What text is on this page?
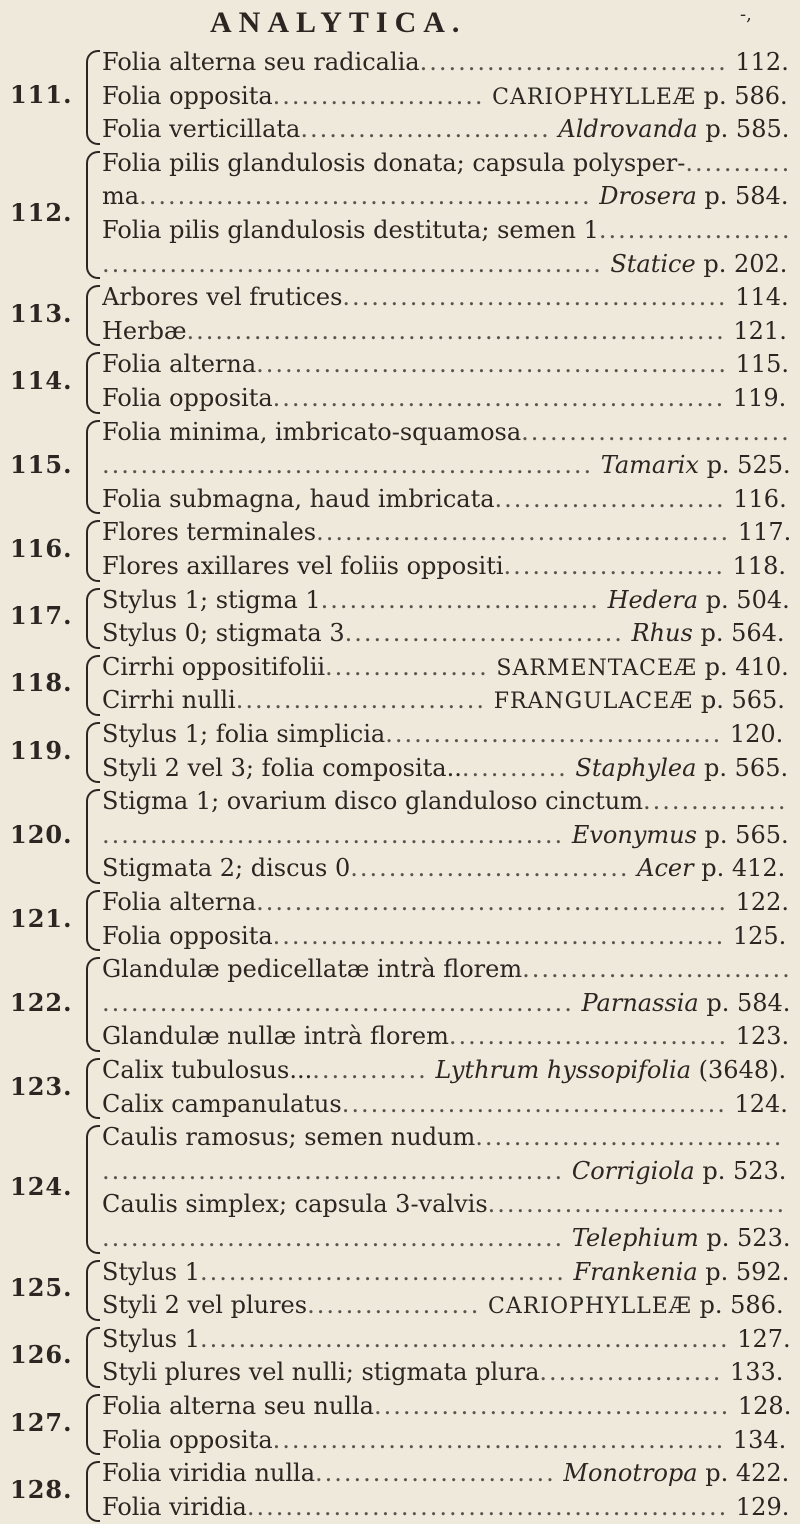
ANALYTICA.	-,
111.
Folia alterna seu radicalia................................ 112.
Folia opposita...................... CARIOPHYLLEÆ p. 586.
Folia verticillata.......................... Aldrovanda p. 585.
112.
Folia pilis glandulosis donata; capsula polysper-...........
ma............................................... Drosera p. 584.
Folia pilis glandulosis destituta; semen 1....................
.................................................... Statice p. 202.
113.
Arbores vel frutices........................................ 114.
Herbæ........................................................ 121.
114.
Folia alterna................................................. 115.
Folia opposita............................................... 119.
115.
Folia minima, imbricato-squamosa............................
................................................... Tamarix p. 525.
Folia submagna, haud imbricata........................ 116.
116.
Flores terminales........................................... 117.
Flores axillares vel foliis oppositi....................... 118.
117.
Stylus 1; stigma 1............................. Hedera p. 504.
Stylus 0; stigmata 3............................. Rhus p. 564.
118.
Cirrhi oppositifolii................. SARMENTACEÆ p. 410.
Cirrhi nulli.......................... FRANGULACEÆ p. 565.
119.
Stylus 1; folia simplicia................................... 120.
Styli 2 vel 3; folia composita............. Staphylea p. 565.
120.
Stigma 1; ovarium disco glanduloso cinctum...............
................................................ Evonymus p. 565.
Stigmata 2; discus 0............................. Acer p. 412.
121.
Folia alterna................................................. 122.
Folia opposita............................................... 125.
122.
Glandulæ pedicellatæ intrà florem............................
................................................. Parnassia p. 584.
Glandulæ nullæ intrà florem............................. 123.
123.
Calix tubulosus............... Lythrum hyssopifolia (3648).
Calix campanulatus........................................ 124.
124.
Caulis ramosus; semen nudum................................
................................................ Corrigiola p. 523.
Caulis simplex; capsula 3-valvis...............................
................................................ Telephium p. 523.
125.
Stylus 1...................................... Frankenia p. 592.
Styli 2 vel plures.................. CARIOPHYLLEÆ p. 586.
126.
Stylus 1....................................................... 127.
Styli plures vel nulli; stigmata plura................... 133.
127.
Folia alterna seu nulla..................................... 128.
Folia opposita............................................... 134.
128.
Folia viridia nulla......................... Monotropa p. 422.
Folia viridia.................................................. 129.
